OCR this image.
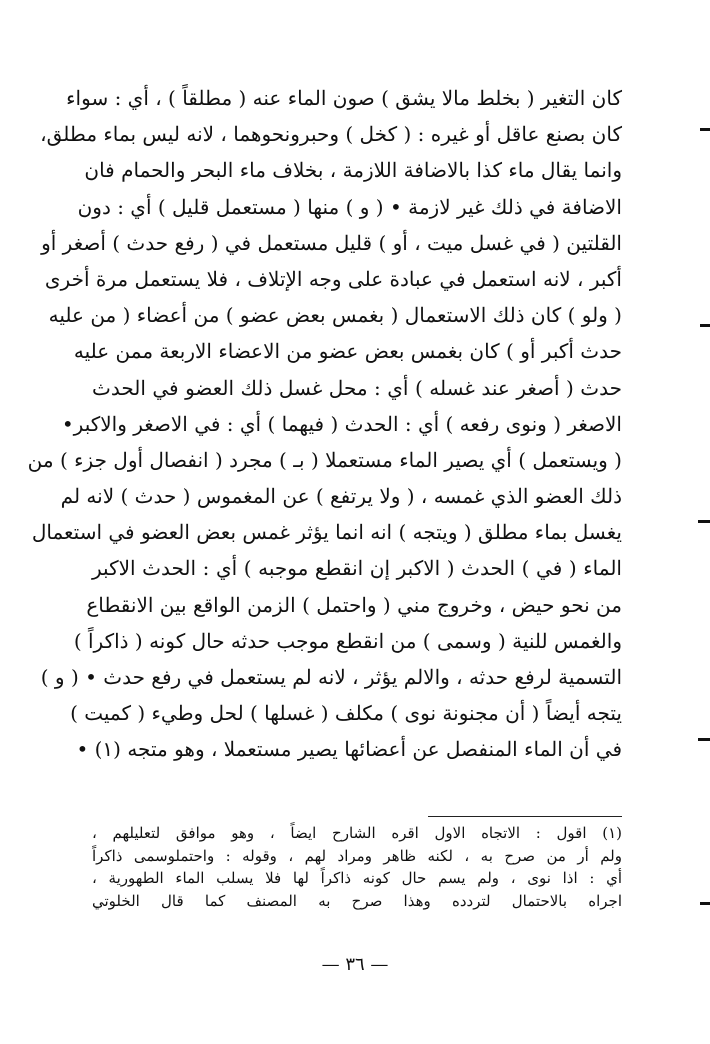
كان التغير ( بخلط مالا يشق ) صون الماء عنه ( مطلقاً ) ، أي : سواء
كان بصنع عاقل أو غيره : ( كخل ) وحبرونحوهما ، لانه ليس بماء مطلق،
وانما يقال ماء كذا بالاضافة اللازمة ، بخلاف ماء البحر والحمام فان
الاضافة في ذلك غير لازمة • ( و ) منها ( مستعمل قليل ) أي : دون
القلتين ( في غسل ميت ، أو ) قليل مستعمل في ( رفع حدث ) أصغر أو
أكبر ، لانه استعمل في عبادة على وجه الإتلاف ، فلا يستعمل مرة أخرى
( ولو ) كان ذلك الاستعمال ( بغمس بعض عضو ) من أعضاء ( من عليه
حدث أكبر أو ) كان بغمس بعض عضو من الاعضاء الاربعة ممن عليه
حدث ( أصغر عند غسله ) أي : محل غسل ذلك العضو في الحدث
الاصغر ( ونوى رفعه ) أي : الحدث ( فيهما ) أي : في الاصغر والاكبر•
( ويستعمل ) أي يصير الماء مستعملا ( بـ ) مجرد ( انفصال أول جزء ) من
ذلك العضو الذي غمسه ، ( ولا يرتفع ) عن المغموس ( حدث ) لانه لم
يغسل بماء مطلق ( ويتجه ) انه انما يؤثر غمس بعض العضو في استعمال
الماء ( في ) الحدث ( الاكبر إن انقطع موجبه ) أي : الحدث الاكبر
من نحو حيض ، وخروج مني ( واحتمل ) الزمن الواقع بين الانقطاع
والغمس للنية ( وسمى ) من انقطع موجب حدثه حال كونه ( ذاكراً )
التسمية لرفع حدثه ، والالم يؤثر ، لانه لم يستعمل في رفع حدث • ( و )
يتجه أيضاً ( أن مجنونة نوى ) مكلف ( غسلها ) لحل وطيء ( كميت )
في أن الماء المنفصل عن أعضائها يصير مستعملا ، وهو متجه (١) •
(١) اقول : الاتجاه الاول اقره الشارح ايضاً ، وهو موافق لتعليلهم ،
ولم أر من صرح به ، لكنه ظاهر ومراد لهم ، وقوله : واحتملوسمى ذاكراً
أي : اذا نوى ، ولم يسم حال كونه ذاكراً لها فلا يسلب الماء الطهورية ،
اجراه بالاحتمال لتردده وهذا صرح به المصنف كما قال الخلوتي
— ٣٦ —
